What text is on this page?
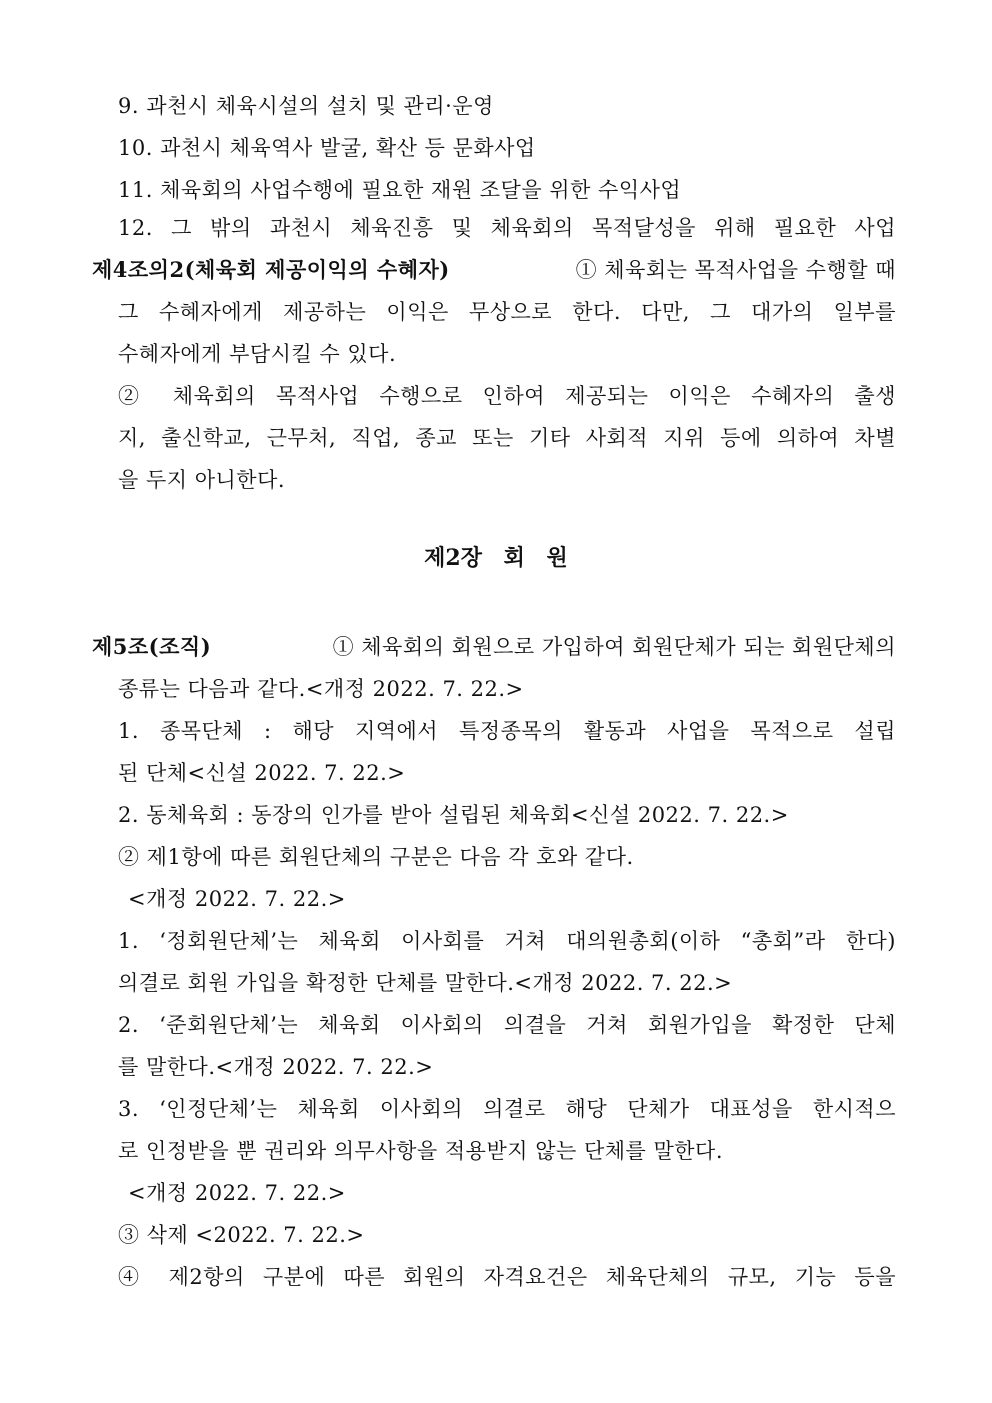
9. 과천시 체육시설의 설치 및 관리·운영
10. 과천시 체육역사 발굴, 확산 등 문화사업
11. 체육회의 사업수행에 필요한 재원 조달을 위한 수익사업
12. 그 밖의 과천시 체육진흥 및 체육회의 목적달성을 위해 필요한 사업
제4조의2(체육회 제공이익의 수혜자)	① 체육회는 목적사업을 수행할 때
그 수혜자에게 제공하는 이익은 무상으로 한다. 다만, 그 대가의 일부를
수혜자에게 부담시킬 수 있다.
② 체육회의 목적사업 수행으로 인하여 제공되는 이익은 수혜자의 출생
지, 출신학교, 근무처, 직업, 종교 또는 기타 사회적 지위 등에 의하여 차별
을 두지 아니한다.
제2장 회 원
제5조(조직)	① 체육회의 회원으로 가입하여 회원단체가 되는 회원단체의
종류는 다음과 같다.<개정 2022. 7. 22.>
1. 종목단체 : 해당 지역에서 특정종목의 활동과 사업을 목적으로 설립
된 단체<신설 2022. 7. 22.>
2. 동체육회 : 동장의 인가를 받아 설립된 체육회<신설 2022. 7. 22.>
② 제1항에 따른 회원단체의 구분은 다음 각 호와 같다.
<개정 2022. 7. 22.>
1. ‘정회원단체’는 체육회 이사회를 거쳐 대의원총회(이하 “총회”라 한다)
의결로 회원 가입을 확정한 단체를 말한다.<개정 2022. 7. 22.>
2. ‘준회원단체’는 체육회 이사회의 의결을 거쳐 회원가입을 확정한 단체
를 말한다.<개정 2022. 7. 22.>
3. ‘인정단체’는 체육회 이사회의 의결로 해당 단체가 대표성을 한시적으
로 인정받을 뿐 권리와 의무사항을 적용받지 않는 단체를 말한다.
<개정 2022. 7. 22.>
③ 삭제 <2022. 7. 22.>
④ 제2항의 구분에 따른 회원의 자격요건은 체육단체의 규모, 기능 등을
